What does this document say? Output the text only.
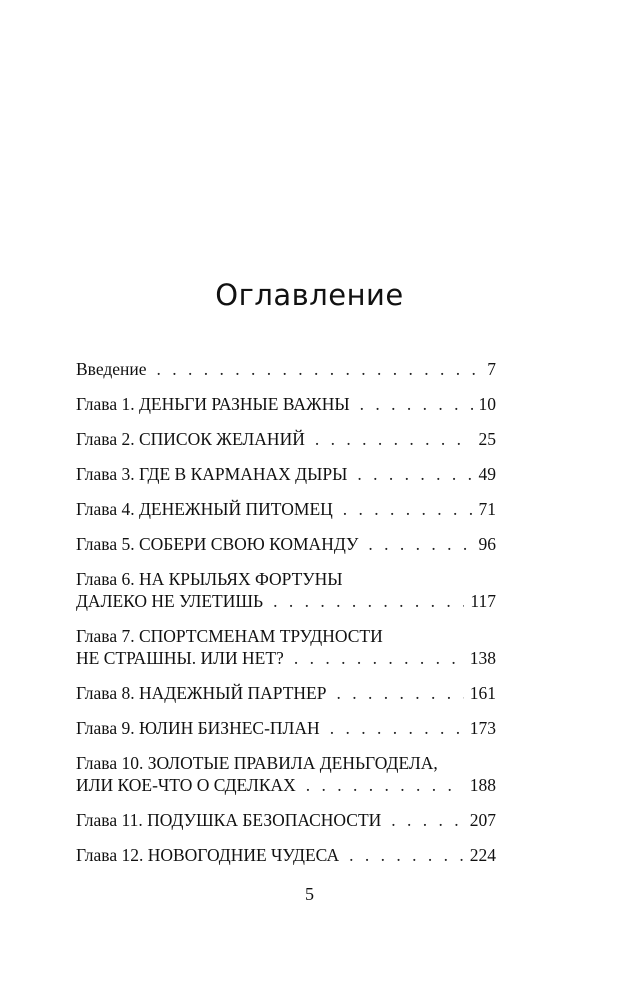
Оглавление
Введение . . .	7
Глава 1. ДЕНЬГИ РАЗНЫЕ ВАЖНЫ . . .	10
Глава 2. СПИСОК ЖЕЛАНИЙ . . .	25
Глава 3. ГДЕ В КАРМАНАХ ДЫРЫ . . .	49
Глава 4. ДЕНЕЖНЫЙ ПИТОМЕЦ . . .	71
Глава 5. СОБЕРИ СВОЮ КОМАНДУ . . .	96
Глава 6. НА КРЫЛЬЯХ ФОРТУНЫ
ДАЛЕКО НЕ УЛЕТИШЬ . . .	117
Глава 7. СПОРТСМЕНАМ ТРУДНОСТИ
НЕ СТРАШНЫ. ИЛИ НЕТ? . . .	138
Глава 8. НАДЕЖНЫЙ ПАРТНЕР . . .	161
Глава 9. ЮЛИН БИЗНЕС-ПЛАН . . .	173
Глава 10. ЗОЛОТЫЕ ПРАВИЛА ДЕНЬГОДЕЛА,
ИЛИ КОЕ-ЧТО О СДЕЛКАХ . . .	188
Глава 11. ПОДУШКА БЕЗОПАСНОСТИ . . .	207
Глава 12. НОВОГОДНИЕ ЧУДЕСА . . .	224
5
